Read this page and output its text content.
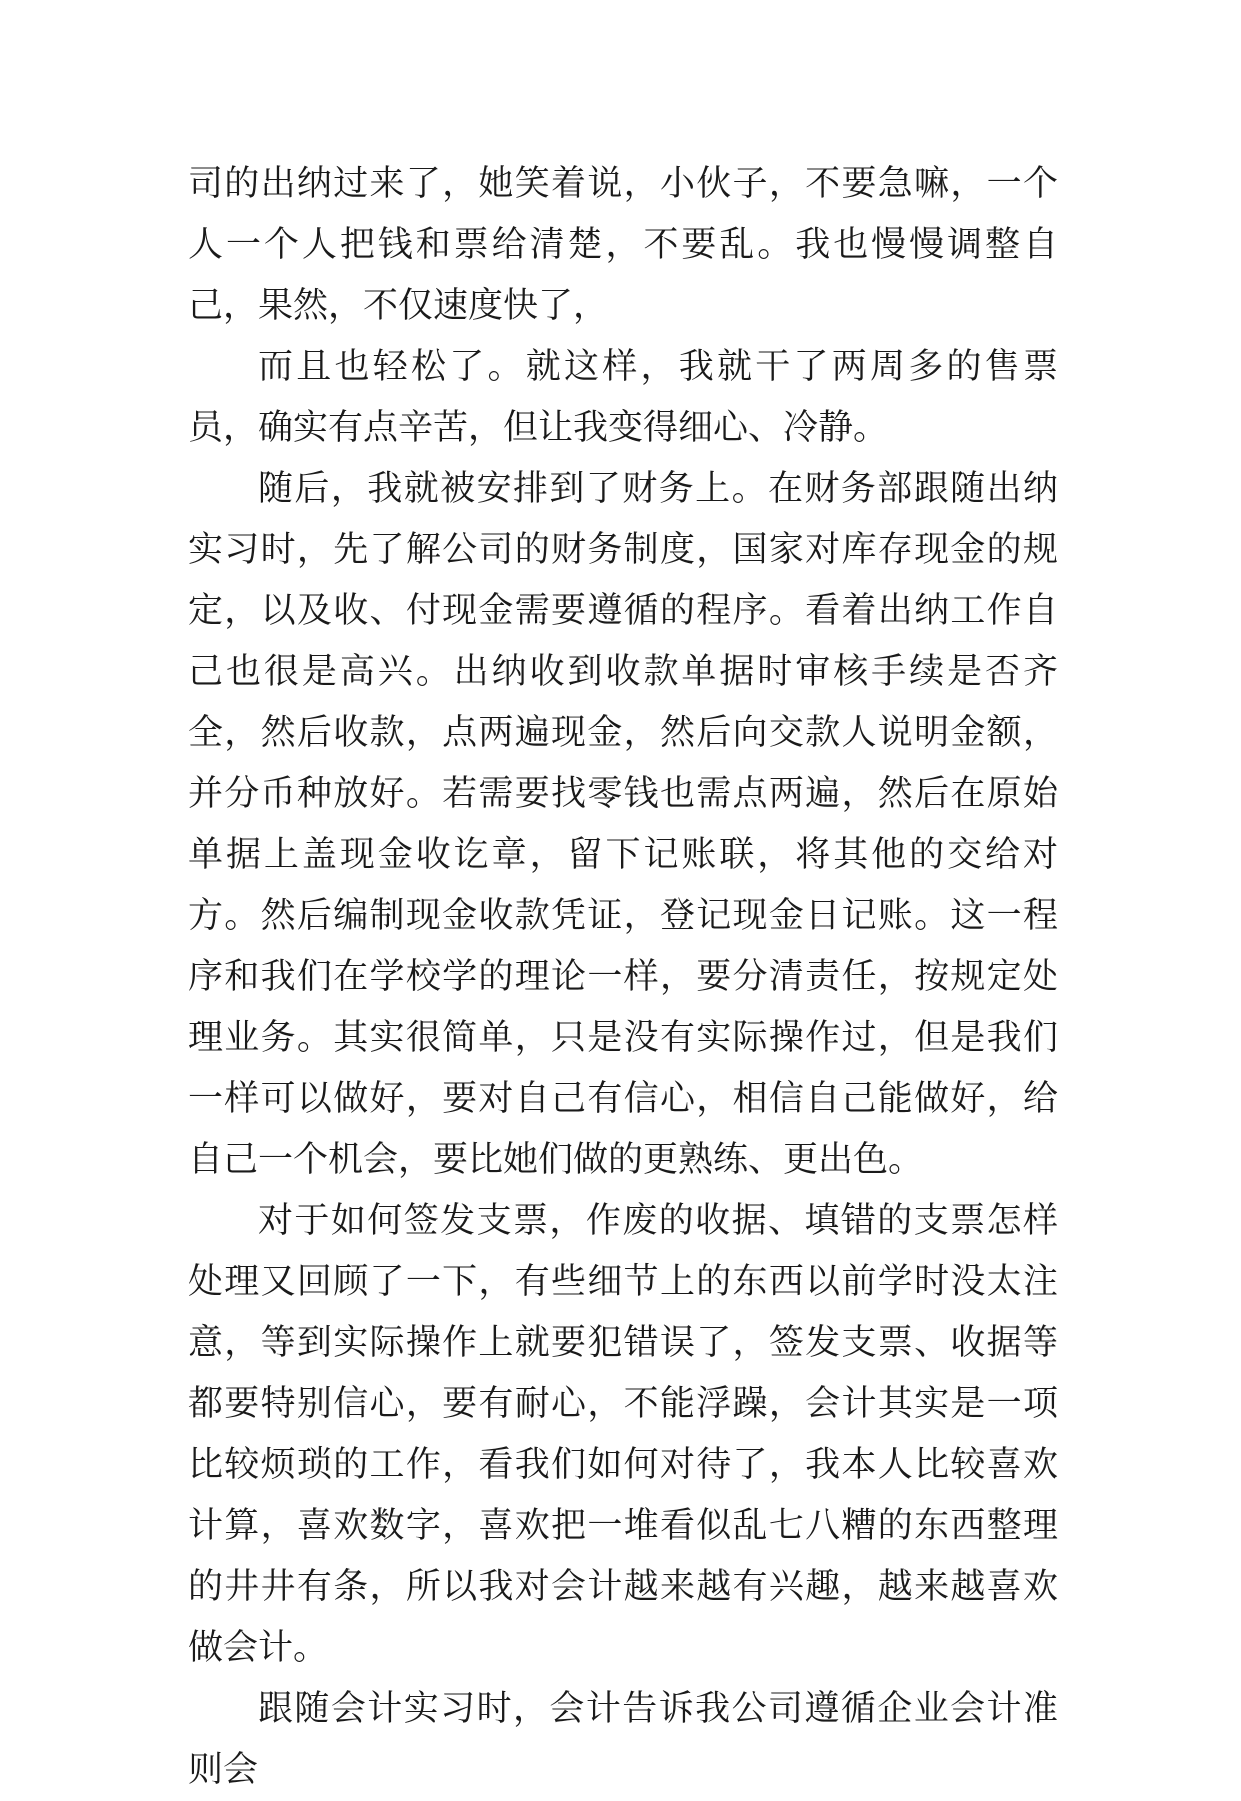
司的出纳过来了，她笑着说，小伙子，不要急嘛，一个人一个人把钱和票给清楚，不要乱。我也慢慢调整自己，果然，不仅速度快了，

而且也轻松了。就这样，我就干了两周多的售票员，确实有点辛苦，但让我变得细心、冷静。

随后，我就被安排到了财务上。在财务部跟随出纳实习时，先了解公司的财务制度，国家对库存现金的规定，以及收、付现金需要遵循的程序。看着出纳工作自己也很是高兴。出纳收到收款单据时审核手续是否齐全，然后收款，点两遍现金，然后向交款人说明金额，并分币种放好。若需要找零钱也需点两遍，然后在原始单据上盖现金收讫章，留下记账联，将其他的交给对方。然后编制现金收款凭证，登记现金日记账。这一程序和我们在学校学的理论一样，要分清责任，按规定处理业务。其实很简单，只是没有实际操作过，但是我们一样可以做好，要对自己有信心，相信自己能做好，给自己一个机会，要比她们做的更熟练、更出色。

对于如何签发支票，作废的收据、填错的支票怎样处理又回顾了一下，有些细节上的东西以前学时没太注意，等到实际操作上就要犯错误了，签发支票、收据等都要特别信心，要有耐心，不能浮躁，会计其实是一项比较烦琐的工作，看我们如何对待了，我本人比较喜欢计算，喜欢数字，喜欢把一堆看似乱七八糟的东西整理的井井有条，所以我对会计越来越有兴趣，越来越喜欢做会计。

跟随会计实习时，会计告诉我公司遵循企业会计准则会
